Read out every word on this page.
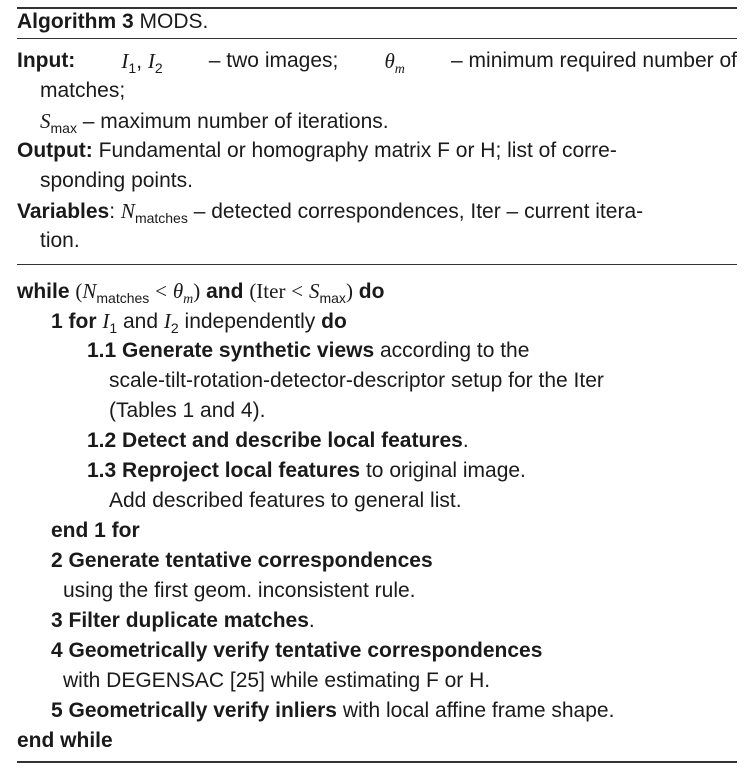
Algorithm 3 MODS.
Input: $I_1$, $I_2$ – two images; $\theta_m$ – minimum required number of
matches;
$S_{max}$ – maximum number of iterations.
Output: Fundamental or homography matrix F or H; list of corre-
sponding points.
Variables: $N_{matches}$ – detected correspondences, Iter – current itera-
tion.
while $(N_{matches} < \theta_m)$ and (Iter < $S_{max}$) do
1 for $I_1$ and $I_2$ independently do
1.1 Generate synthetic views according to the
scale-tilt-rotation-detector-descriptor setup for the Iter
(Tables 1 and 4).
1.2 Detect and describe local features.
1.3 Reproject local features to original image.
Add described features to general list.
end 1 for
2 Generate tentative correspondences
using the first geom. inconsistent rule.
3 Filter duplicate matches.
4 Geometrically verify tentative correspondences
with DEGENSAC [25] while estimating F or H.
5 Geometrically verify inliers with local affine frame shape.
end while
